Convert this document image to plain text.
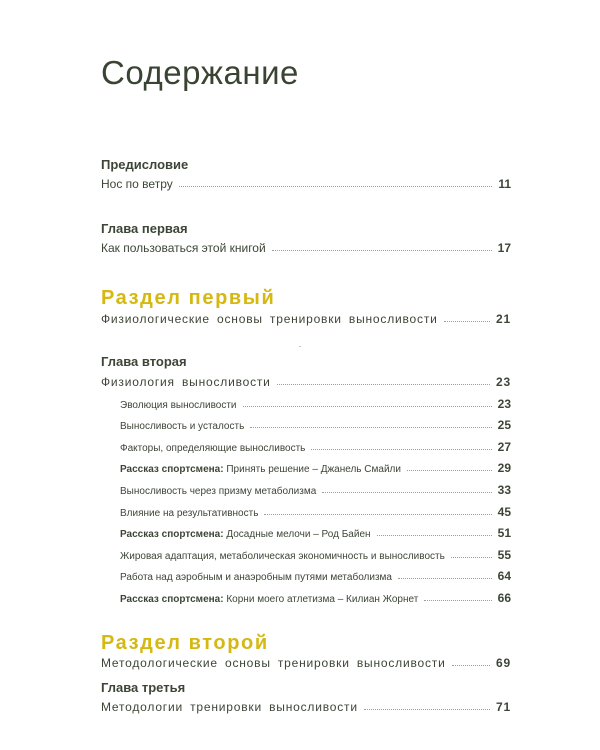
Содержание
Предисловие
Нос по ветру	11
Глава первая
Как пользоваться этой книгой	17
Раздел первый
Физиологические основы тренировки выносливости	21
Глава вторая
Физиология выносливости	23
Эволюция выносливости	23
Выносливость и усталость	25
Факторы, определяющие выносливость	27
Рассказ спортсмена:
Принять решение – Джанель Смайли	29
Выносливость через призму метаболизма	33
Влияние на результативность	45
Рассказ спортсмена:
Досадные мелочи – Род Байен	51
Жировая адаптация, метаболическая экономичность и выносливость	55
Работа над аэробным и анаэробным путями метаболизма	64
Рассказ спортсмена:
Корни моего атлетизма – Килиан Жорнет	66
Раздел второй
Методологические основы тренировки выносливости	69
Глава третья
Методологии тренировки выносливости	71
